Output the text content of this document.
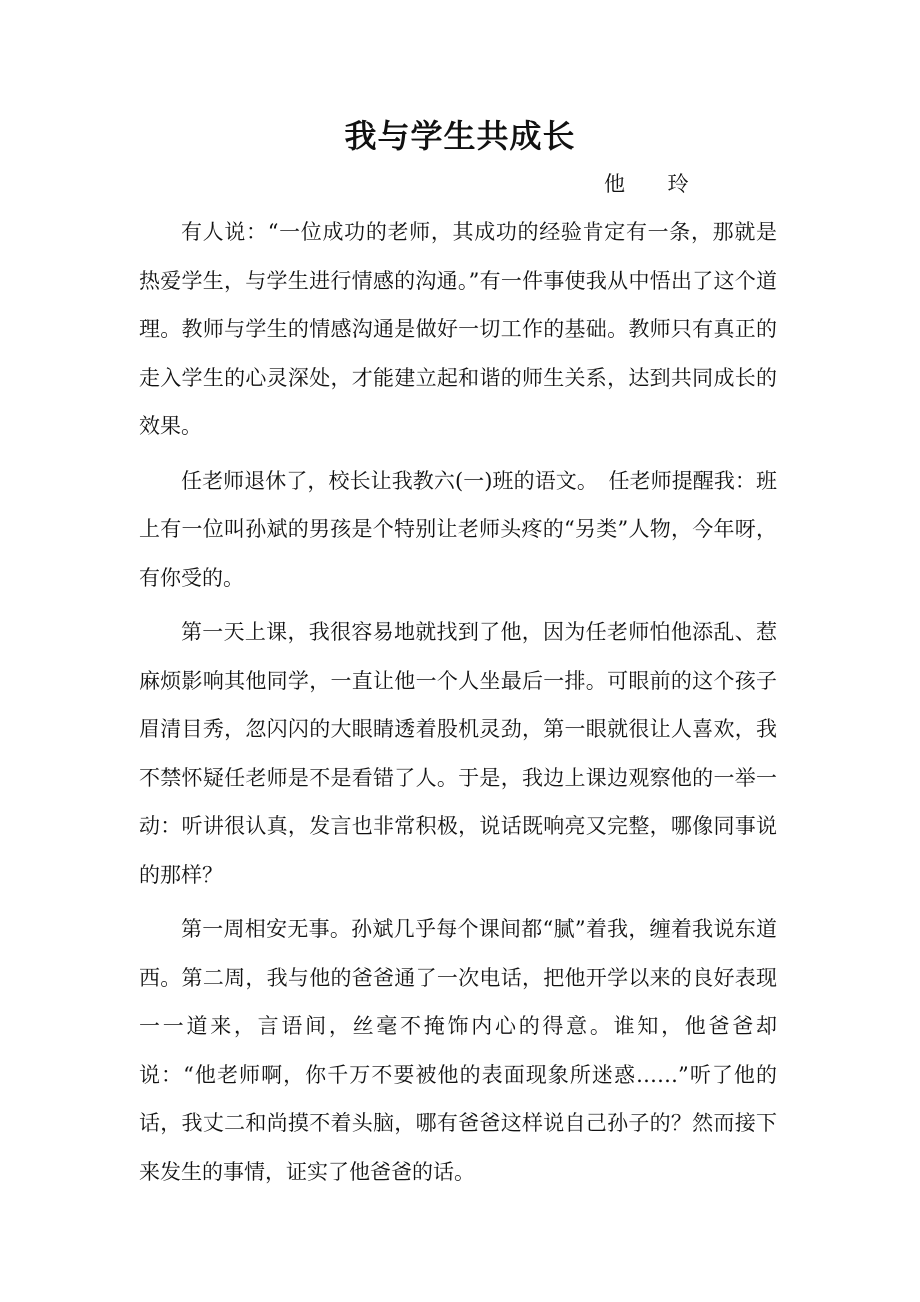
我与学生共成长
他 玲

有人说：“一位成功的老师，其成功的经验肯定有一条，那就是热爱学生，与学生进行情感的沟通。”有一件事使我从中悟出了这个道理。教师与学生的情感沟通是做好一切工作的基础。教师只有真正的走入学生的心灵深处，才能建立起和谐的师生关系，达到共同成长的效果。

任老师退休了，校长让我教六(一)班的语文。　任老师提醒我：班上有一位叫孙斌的男孩是个特别让老师头疼的“另类”人物，今年呀，有你受的。

第一天上课，我很容易地就找到了他，因为任老师怕他添乱、惹麻烦影响其他同学，一直让他一个人坐最后一排。可眼前的这个孩子眉清目秀，忽闪闪的大眼睛透着股机灵劲，第一眼就很让人喜欢，我不禁怀疑任老师是不是看错了人。于是，我边上课边观察他的一举一动：听讲很认真，发言也非常积极，说话既响亮又完整，哪像同事说的那样？

第一周相安无事。孙斌几乎每个课间都“腻”着我，缠着我说东道西。第二周，我与他的爸爸通了一次电话，把他开学以来的良好表现一一道来，言语间，丝毫不掩饰内心的得意。谁知，他爸爸却说：“他老师啊，你千万不要被他的表面现象所迷惑……”听了他的话，我丈二和尚摸不着头脑，哪有爸爸这样说自己孙子的？然而接下来发生的事情，证实了他爸爸的话。
